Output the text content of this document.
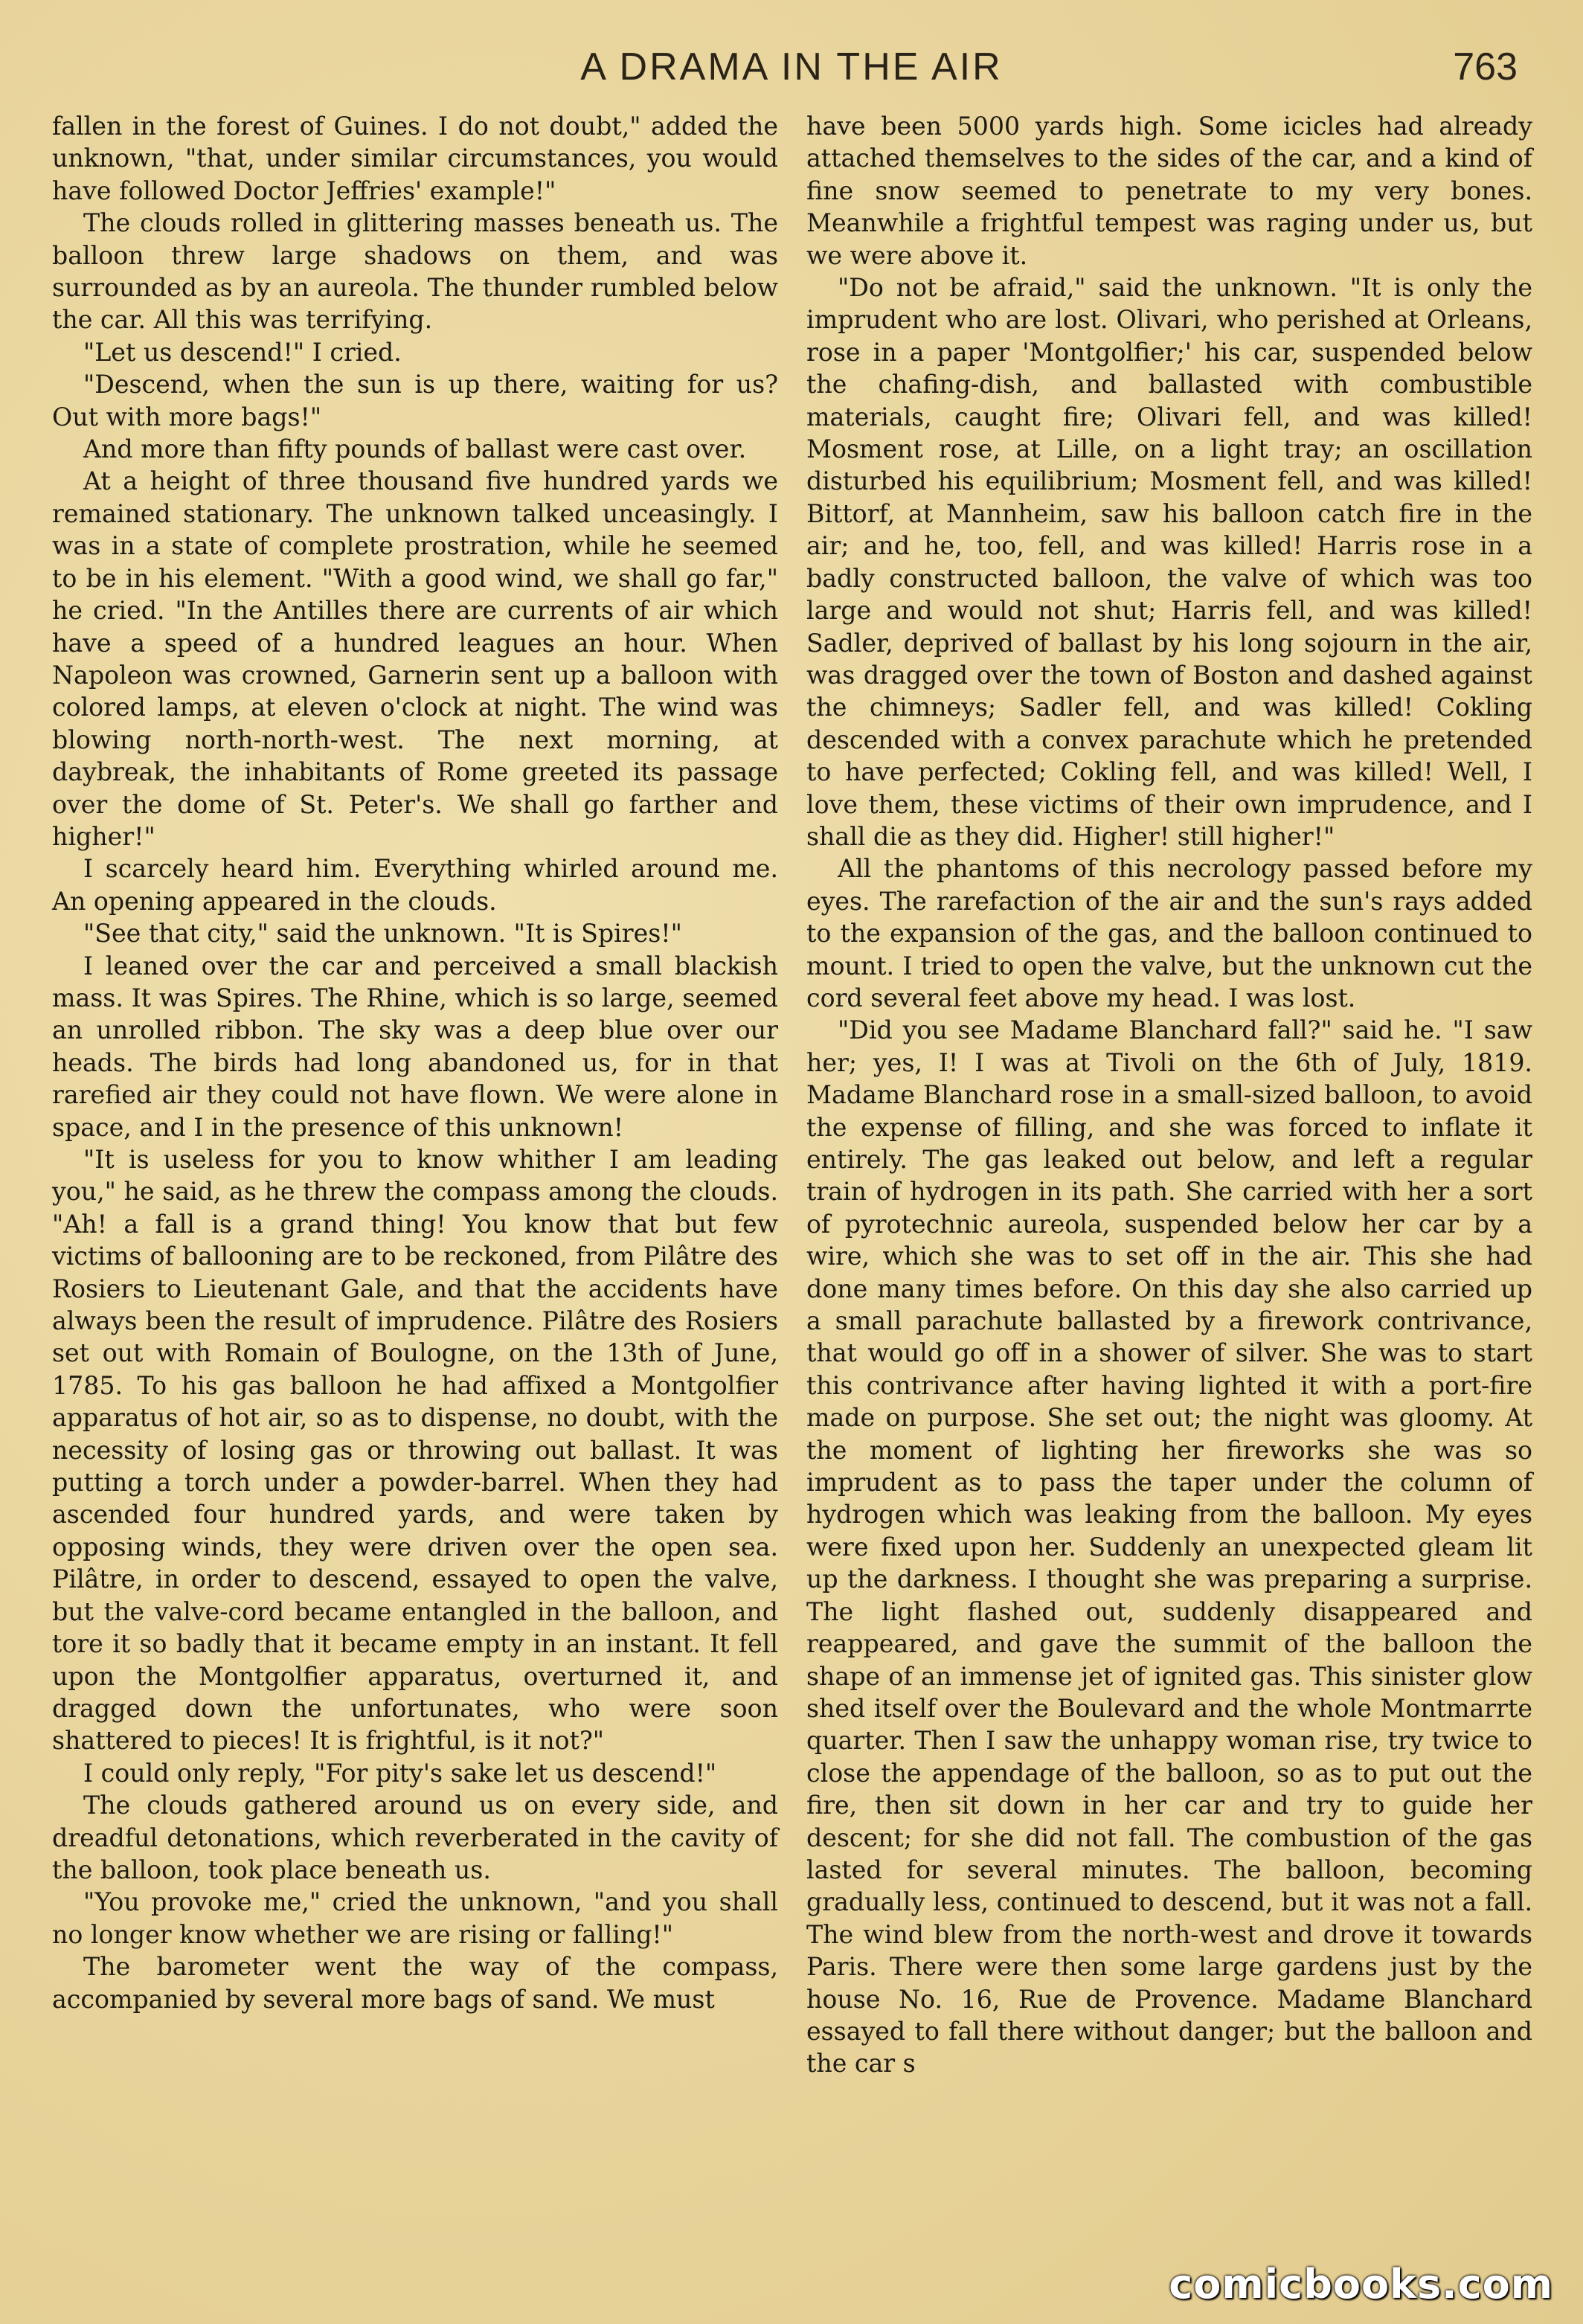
A DRAMA IN THE AIR	763

fallen in the forest of Guines. I do not doubt," added the unknown, "that, under similar circumstances, you would have followed Doctor Jeffries' example!"

The clouds rolled in glittering masses beneath us. The balloon threw large shadows on them, and was surrounded as by an aureola. The thunder rumbled below the car. All this was terrifying.

"Let us descend!" I cried.

"Descend, when the sun is up there, waiting for us? Out with more bags!"

And more than fifty pounds of ballast were cast over.

At a height of three thousand five hundred yards we remained stationary. The unknown talked unceasingly. I was in a state of complete prostration, while he seemed to be in his element. "With a good wind, we shall go far," he cried. "In the Antilles there are currents of air which have a speed of a hundred leagues an hour. When Napoleon was crowned, Garnerin sent up a balloon with colored lamps, at eleven o'clock at night. The wind was blowing north-north-west. The next morning, at daybreak, the inhabitants of Rome greeted its passage over the dome of St. Peter's. We shall go farther and higher!"

I scarcely heard him. Everything whirled around me. An opening appeared in the clouds.

"See that city," said the unknown. "It is Spires!"

I leaned over the car and perceived a small blackish mass. It was Spires. The Rhine, which is so large, seemed an unrolled ribbon. The sky was a deep blue over our heads. The birds had long abandoned us, for in that rarefied air they could not have flown. We were alone in space, and I in the presence of this unknown!

"It is useless for you to know whither I am leading you," he said, as he threw the compass among the clouds. "Ah! a fall is a grand thing! You know that but few victims of ballooning are to be reckoned, from Pilâtre des Rosiers to Lieutenant Gale, and that the accidents have always been the result of imprudence. Pilâtre des Rosiers set out with Romain of Boulogne, on the 13th of June, 1785. To his gas balloon he had affixed a Montgolfier apparatus of hot air, so as to dispense, no doubt, with the necessity of losing gas or throwing out ballast. It was putting a torch under a powder-barrel. When they had ascended four hundred yards, and were taken by opposing winds, they were driven over the open sea. Pilâtre, in order to descend, essayed to open the valve, but the valve-cord became entangled in the balloon, and tore it so badly that it became empty in an instant. It fell upon the Montgolfier apparatus, overturned it, and dragged down the unfortunates, who were soon shattered to pieces! It is frightful, is it not?"

I could only reply, "For pity's sake let us descend!"

The clouds gathered around us on every side, and dreadful detonations, which reverberated in the cavity of the balloon, took place beneath us.

"You provoke me," cried the unknown, "and you shall no longer know whether we are rising or falling!"

The barometer went the way of the compass, accompanied by several more bags of sand. We must

have been 5000 yards high. Some icicles had already attached themselves to the sides of the car, and a kind of fine snow seemed to penetrate to my very bones. Meanwhile a frightful tempest was raging under us, but we were above it.

"Do not be afraid," said the unknown. "It is only the imprudent who are lost. Olivari, who perished at Orleans, rose in a paper 'Montgolfier;' his car, suspended below the chafing-dish, and ballasted with combustible materials, caught fire; Olivari fell, and was killed! Mosment rose, at Lille, on a light tray; an oscillation disturbed his equilibrium; Mosment fell, and was killed! Bittorf, at Mannheim, saw his balloon catch fire in the air; and he, too, fell, and was killed! Harris rose in a badly constructed balloon, the valve of which was too large and would not shut; Harris fell, and was killed! Sadler, deprived of ballast by his long sojourn in the air, was dragged over the town of Boston and dashed against the chimneys; Sadler fell, and was killed! Cokling descended with a convex parachute which he pretended to have perfected; Cokling fell, and was killed! Well, I love them, these victims of their own imprudence, and I shall die as they did. Higher! still higher!"

All the phantoms of this necrology passed before my eyes. The rarefaction of the air and the sun's rays added to the expansion of the gas, and the balloon continued to mount. I tried to open the valve, but the unknown cut the cord several feet above my head. I was lost.

"Did you see Madame Blanchard fall?" said he. "I saw her; yes, I! I was at Tivoli on the 6th of July, 1819. Madame Blanchard rose in a small-sized balloon, to avoid the expense of filling, and she was forced to inflate it entirely. The gas leaked out below, and left a regular train of hydrogen in its path. She carried with her a sort of pyrotechnic aureola, suspended below her car by a wire, which she was to set off in the air. This she had done many times before. On this day she also carried up a small parachute ballasted by a firework contrivance, that would go off in a shower of silver. She was to start this contrivance after having lighted it with a port-fire made on purpose. She set out; the night was gloomy. At the moment of lighting her fireworks she was so imprudent as to pass the taper under the column of hydrogen which was leaking from the balloon. My eyes were fixed upon her. Suddenly an unexpected gleam lit up the darkness. I thought she was preparing a surprise. The light flashed out, suddenly disappeared and reappeared, and gave the summit of the balloon the shape of an immense jet of ignited gas. This sinister glow shed itself over the Boulevard and the whole Montmarrte quarter. Then I saw the unhappy woman rise, try twice to close the appendage of the balloon, so as to put out the fire, then sit down in her car and try to guide her descent; for she did not fall. The combustion of the gas lasted for several minutes. The balloon, becoming gradually less, continued to descend, but it was not a fall. The wind blew from the north-west and drove it towards Paris. There were then some large gardens just by the house No. 16, Rue de Provence. Madame Blanchard essayed to fall there without danger; but the balloon and the car s

comicbooks.com
